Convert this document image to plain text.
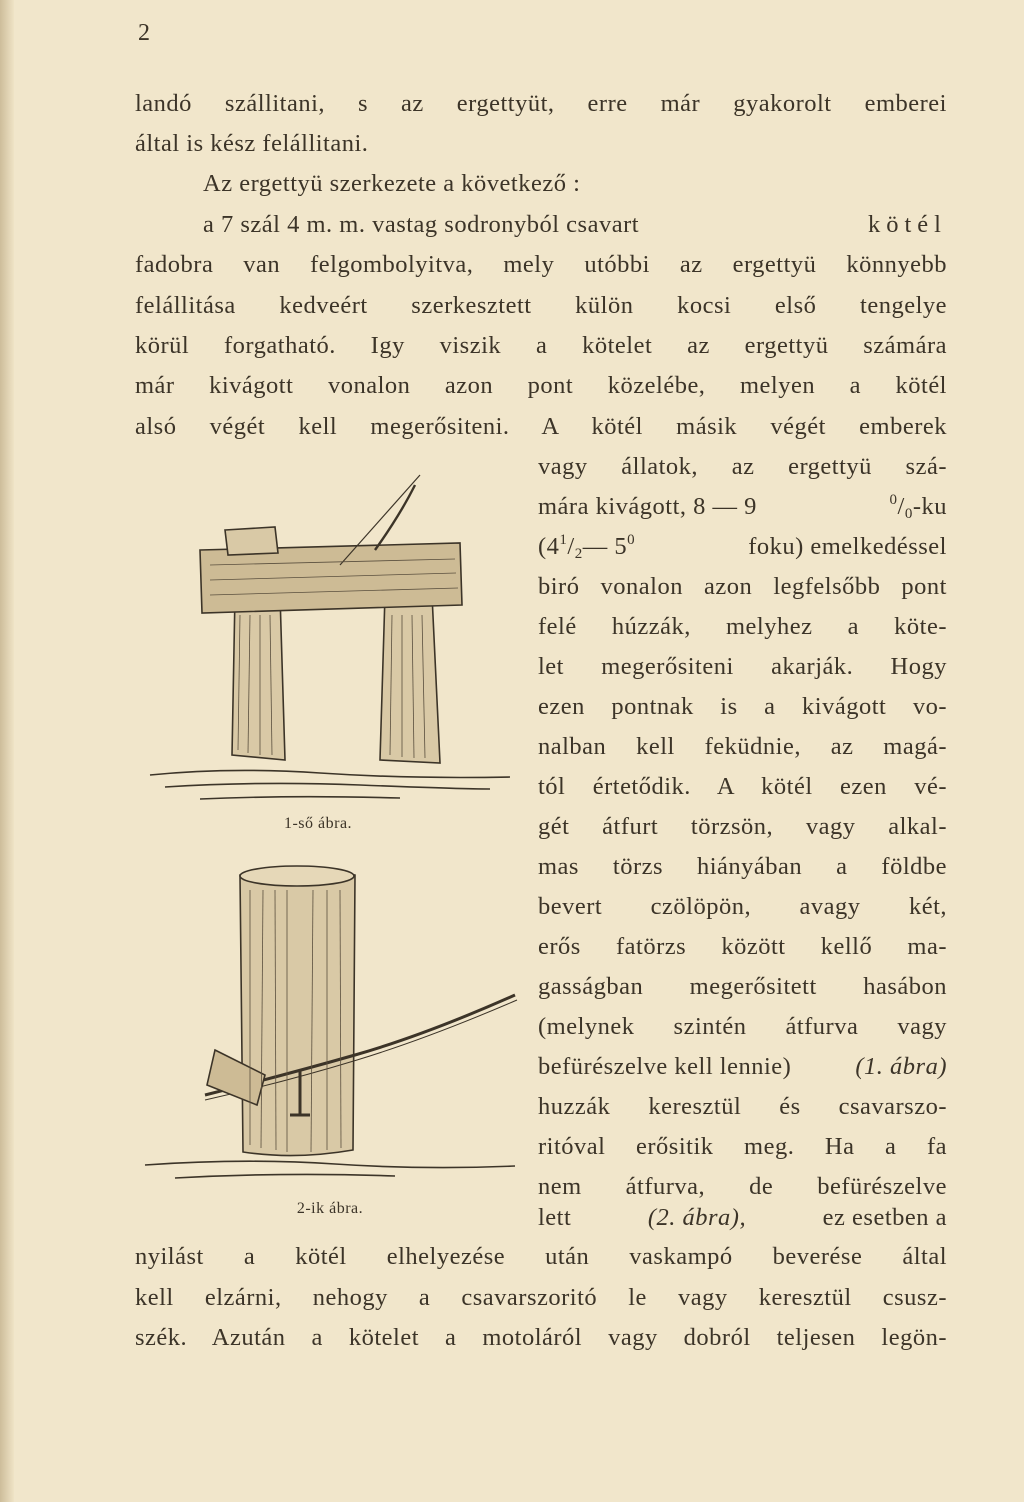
2
landó szállitani, s az ergettyüt, erre már gyakorolt emberei
által is kész felállitani.
Az ergettyü szerkezete a következő :
a 7 szál 4 m. m. vastag sodronyból csavart	kötél
fadobra van felgombolyitva, mely utóbbi az ergettyü könnyebb
felállitása kedveért szerkesztett külön kocsi első tengelye
körül forgatható. Igy viszik a kötelet az ergettyü számára
már kivágott vonalon azon pont közelébe, melyen a kötél
alsó végét kell megerősiteni. A kötél másik végét emberek
vagy állatok, az ergettyü szá-
mára kivágott, 8 — 9	$^0/_0-ku$
($4^1/_2—$ $5^0$	foku) emelkedéssel
biró vonalon azon legfelsőbb pont
felé húzzák, melyhez a köte-
let megerősiteni akarják. Hogy
ezen pontnak is a kivágott vo-
nalban kell feküdnie, az magá-
tól értetődik. A kötél ezen vé-
gét átfurt törzsön, vagy alkal-
mas törzs hiányában a földbe
bevert czölöpön, avagy két,
erős fatörzs között kellő ma-
gasságban megerősitett hasábon
(melynek szintén átfurva vagy
befürészelve kell lennie)	(1. ábra)
huzzák keresztül és csavarszo-
ritóval erősitik meg. Ha a fa
nem átfurva, de befürészelve
lett	(2. ábra),	ez esetben a
nyilást a kötél elhelyezése után vaskampó beverése által
kell elzárni, nehogy a csavarszoritó le vagy keresztül csusz-
szék. Azután a kötelet a motoláról vagy dobról teljesen legön-
1-ső ábra.
2-ik ábra.
